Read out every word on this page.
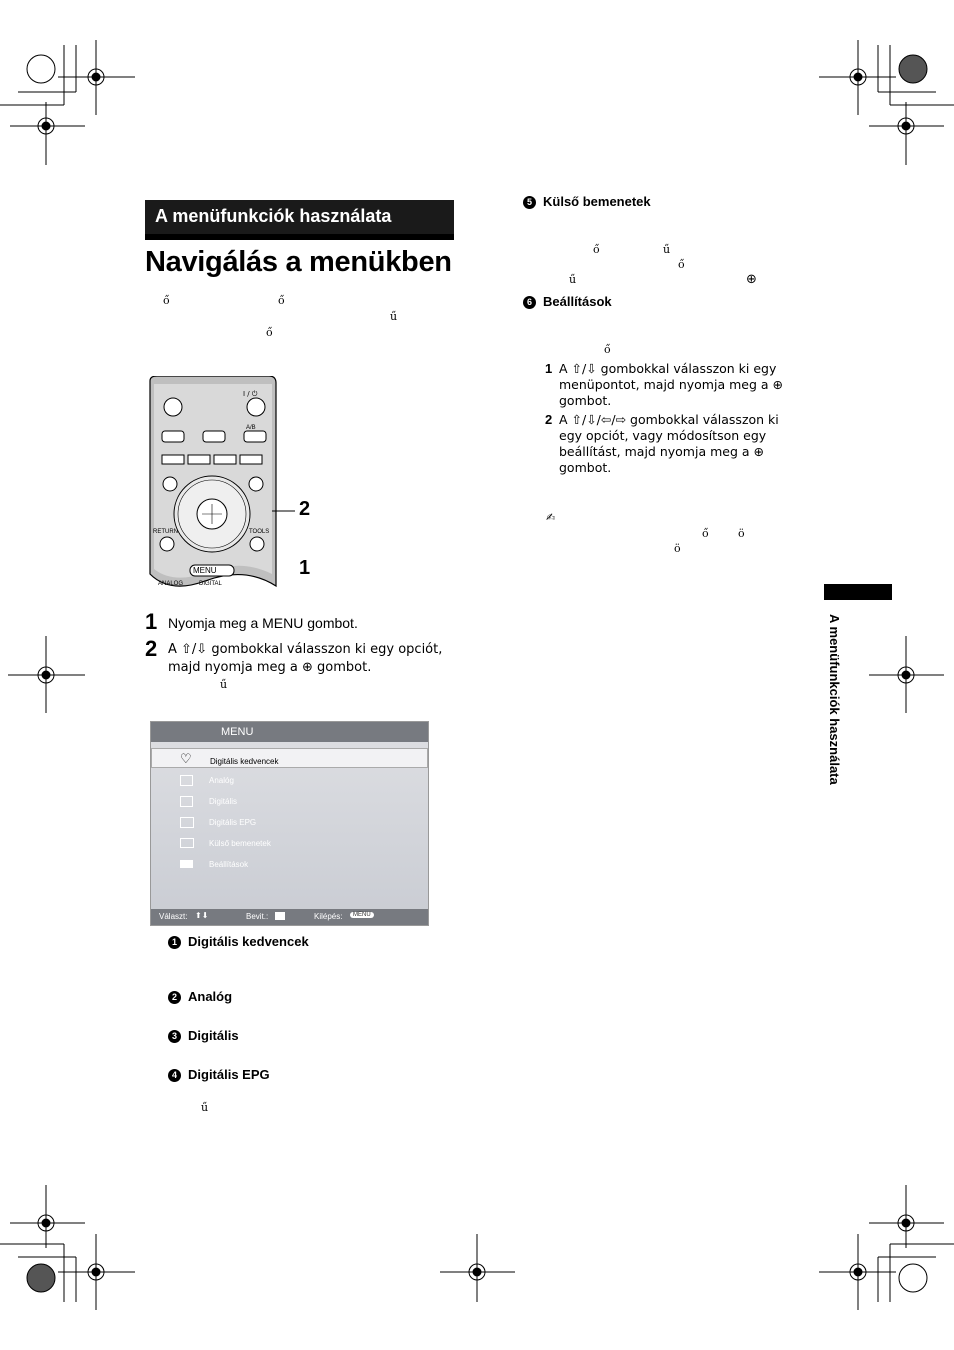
A menüfunkciók használata
Navigálás a menükben
ő	ő
ű
ő
MENU
RETURN	TOOLS
A/B
I / ⏻
ANALOG	DIGITAL
2
1
1 Nyomja meg a MENU gombot.
2 A ⇧/⇩ gombokkal válasszon ki egy opciót,
majd nyomja meg a ⊕ gombot.
ű
MENU
♡ Digitális kedvencek
Analóg
Digitális
Digitális EPG
Külső bemenetek
Beállítások
Választ: ⬆⬇	Bevit.:	Kilépés:	MENU
1 Digitális kedvencek
2 Analóg
3 Digitális
4 Digitális EPG
ű
5 Külső bemenetek
ő	ű
ő
ű	⊕
6 Beállítások
ő
1 A ⇧/⇩ gombokkal válasszon ki egy
menüpontot, majd nyomja meg a ⊕
gombot.
2 A ⇧/⇩/⇦/⇨ gombokkal válasszon ki
egy opciót, vagy módosítson egy
beállítást, majd nyomja meg a ⊕
gombot.
✍
ő	ö
ö
A menüfunkciók használata
